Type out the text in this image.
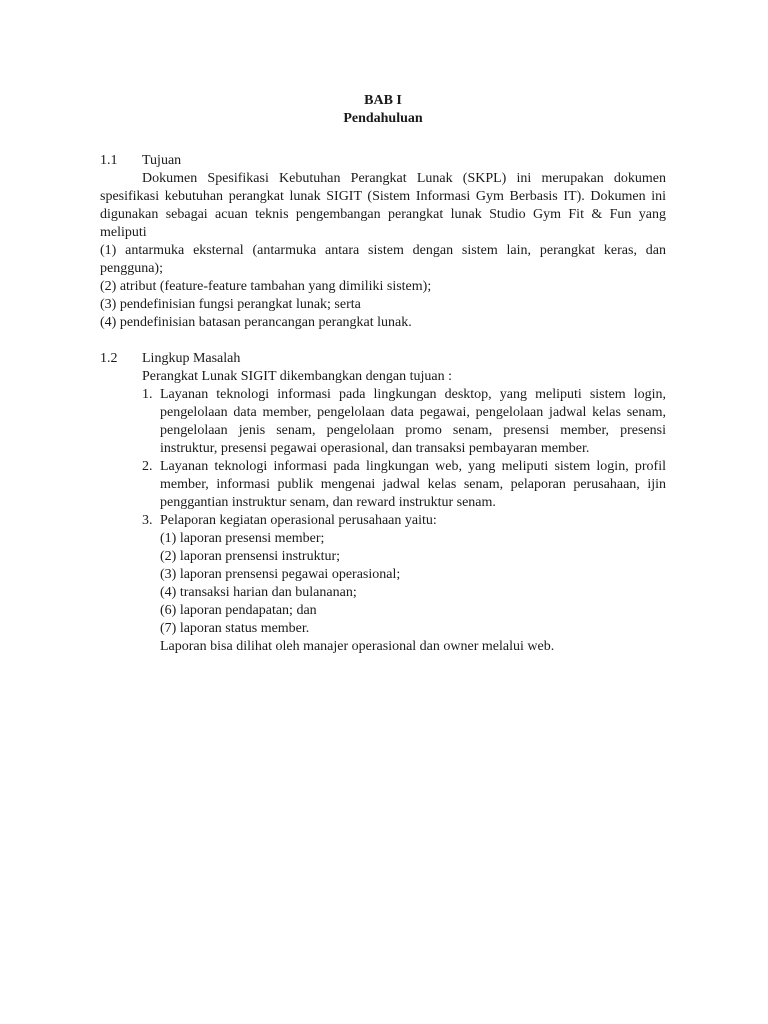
BAB I
Pendahuluan
1.1	Tujuan
Dokumen Spesifikasi Kebutuhan Perangkat Lunak (SKPL) ini merupakan dokumen spesifikasi kebutuhan perangkat lunak SIGIT (Sistem Informasi Gym Berbasis IT). Dokumen ini digunakan sebagai acuan teknis pengembangan perangkat lunak Studio Gym Fit & Fun yang meliputi
(1) antarmuka eksternal (antarmuka antara sistem dengan sistem lain, perangkat keras, dan pengguna);
(2) atribut (feature-feature tambahan yang dimiliki sistem);
(3) pendefinisian fungsi perangkat lunak; serta
(4) pendefinisian batasan perancangan perangkat lunak.
1.2	Lingkup Masalah
Perangkat Lunak SIGIT dikembangkan dengan tujuan :
1. Layanan teknologi informasi pada lingkungan desktop, yang meliputi sistem login, pengelolaan data member, pengelolaan data pegawai, pengelolaan jadwal kelas senam, pengelolaan jenis senam, pengelolaan promo senam, presensi member, presensi instruktur, presensi pegawai operasional, dan transaksi pembayaran member.
2. Layanan teknologi informasi pada lingkungan web, yang meliputi sistem login, profil member, informasi publik mengenai jadwal kelas senam, pelaporan perusahaan, ijin penggantian instruktur senam, dan reward instruktur senam.
3. Pelaporan kegiatan operasional perusahaan yaitu:
(1) laporan presensi member;
(2) laporan prensensi instruktur;
(3) laporan prensensi pegawai operasional;
(4) transaksi harian dan bulananan;
(6) laporan pendapatan; dan
(7) laporan status member.
Laporan bisa dilihat oleh manajer operasional dan owner melalui web.
